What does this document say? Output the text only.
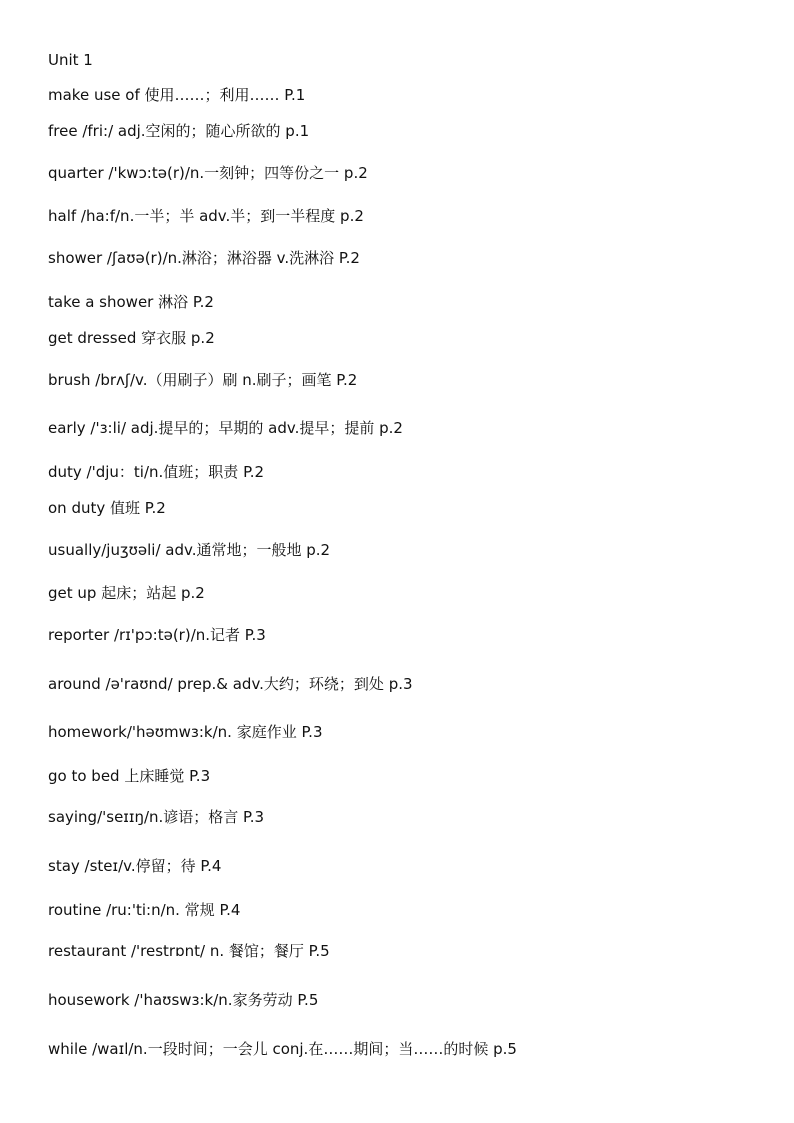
Unit 1
make use of 使用……；利用…… P.1
free /fri:/ adj.空闲的；随心所欲的 p.1
quarter /'kwɔ:tə(r)/n.一刻钟；四等份之一 p.2
half /ha:f/n.一半；半 adv.半；到一半程度 p.2
shower /ʃaʊə(r)/n.淋浴；淋浴器 v.洗淋浴 P.2
take a shower 淋浴 P.2
get dressed 穿衣服 p.2
brush /brʌʃ/v.（用刷子）刷 n.刷子；画笔 P.2
early /'ɜ:li/ adj.提早的；早期的 adv.提早；提前 p.2
duty /'dju：ti/n.值班；职责 P.2
on duty 值班 P.2
usually/juʒʊəli/ adv.通常地；一般地 p.2
get up 起床；站起 p.2
reporter /rɪ'pɔ:tə(r)/n.记者 P.3
around /ə'raʊnd/ prep.& adv.大约；环绕；到处 p.3
homework/'həʊmwɜ:k/n. 家庭作业 P.3
go to bed 上床睡觉 P.3
saying/'seɪɪŋ/n.谚语；格言 P.3
stay /steɪ/v.停留；待 P.4
routine /ru:'ti:n/n. 常规 P.4
restaurant /'restrɒnt/ n. 餐馆；餐厅 P.5
housework /'haʊswɜ:k/n.家务劳动 P.5
while /waɪl/n.一段时间；一会儿 conj.在……期间；当……的时候 p.5
